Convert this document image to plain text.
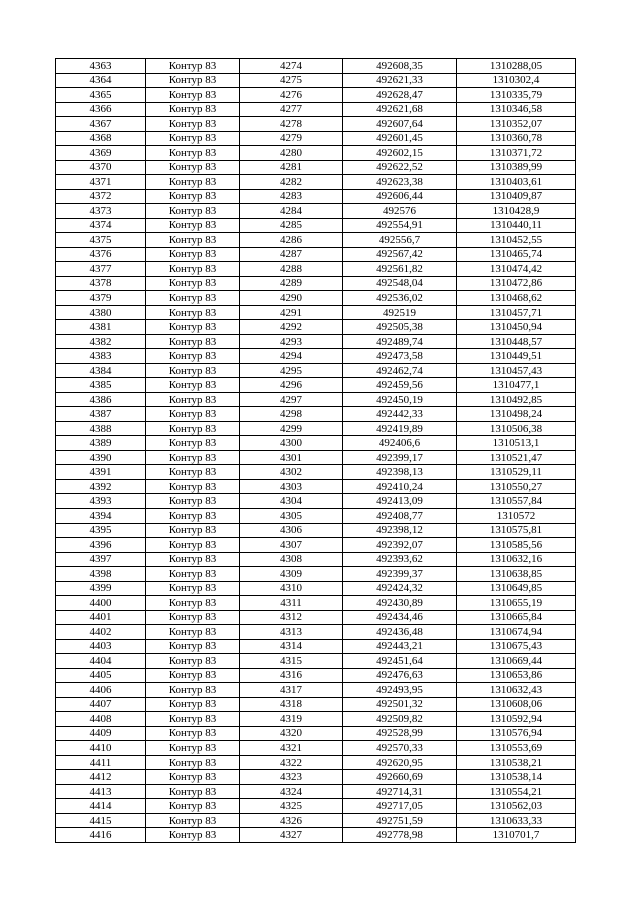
4363	Контур 83	4274	492608,35	1310288,05
4364	Контур 83	4275	492621,33	1310302,4
4365	Контур 83	4276	492628,47	1310335,79
4366	Контур 83	4277	492621,68	1310346,58
4367	Контур 83	4278	492607,64	1310352,07
4368	Контур 83	4279	492601,45	1310360,78
4369	Контур 83	4280	492602,15	1310371,72
4370	Контур 83	4281	492622,52	1310389,99
4371	Контур 83	4282	492623,38	1310403,61
4372	Контур 83	4283	492606,44	1310409,87
4373	Контур 83	4284	492576	1310428,9
4374	Контур 83	4285	492554,91	1310440,11
4375	Контур 83	4286	492556,7	1310452,55
4376	Контур 83	4287	492567,42	1310465,74
4377	Контур 83	4288	492561,82	1310474,42
4378	Контур 83	4289	492548,04	1310472,86
4379	Контур 83	4290	492536,02	1310468,62
4380	Контур 83	4291	492519	1310457,71
4381	Контур 83	4292	492505,38	1310450,94
4382	Контур 83	4293	492489,74	1310448,57
4383	Контур 83	4294	492473,58	1310449,51
4384	Контур 83	4295	492462,74	1310457,43
4385	Контур 83	4296	492459,56	1310477,1
4386	Контур 83	4297	492450,19	1310492,85
4387	Контур 83	4298	492442,33	1310498,24
4388	Контур 83	4299	492419,89	1310506,38
4389	Контур 83	4300	492406,6	1310513,1
4390	Контур 83	4301	492399,17	1310521,47
4391	Контур 83	4302	492398,13	1310529,11
4392	Контур 83	4303	492410,24	1310550,27
4393	Контур 83	4304	492413,09	1310557,84
4394	Контур 83	4305	492408,77	1310572
4395	Контур 83	4306	492398,12	1310575,81
4396	Контур 83	4307	492392,07	1310585,56
4397	Контур 83	4308	492393,62	1310632,16
4398	Контур 83	4309	492399,37	1310638,85
4399	Контур 83	4310	492424,32	1310649,85
4400	Контур 83	4311	492430,89	1310655,19
4401	Контур 83	4312	492434,46	1310665,84
4402	Контур 83	4313	492436,48	1310674,94
4403	Контур 83	4314	492443,21	1310675,43
4404	Контур 83	4315	492451,64	1310669,44
4405	Контур 83	4316	492476,63	1310653,86
4406	Контур 83	4317	492493,95	1310632,43
4407	Контур 83	4318	492501,32	1310608,06
4408	Контур 83	4319	492509,82	1310592,94
4409	Контур 83	4320	492528,99	1310576,94
4410	Контур 83	4321	492570,33	1310553,69
4411	Контур 83	4322	492620,95	1310538,21
4412	Контур 83	4323	492660,69	1310538,14
4413	Контур 83	4324	492714,31	1310554,21
4414	Контур 83	4325	492717,05	1310562,03
4415	Контур 83	4326	492751,59	1310633,33
4416	Контур 83	4327	492778,98	1310701,7
